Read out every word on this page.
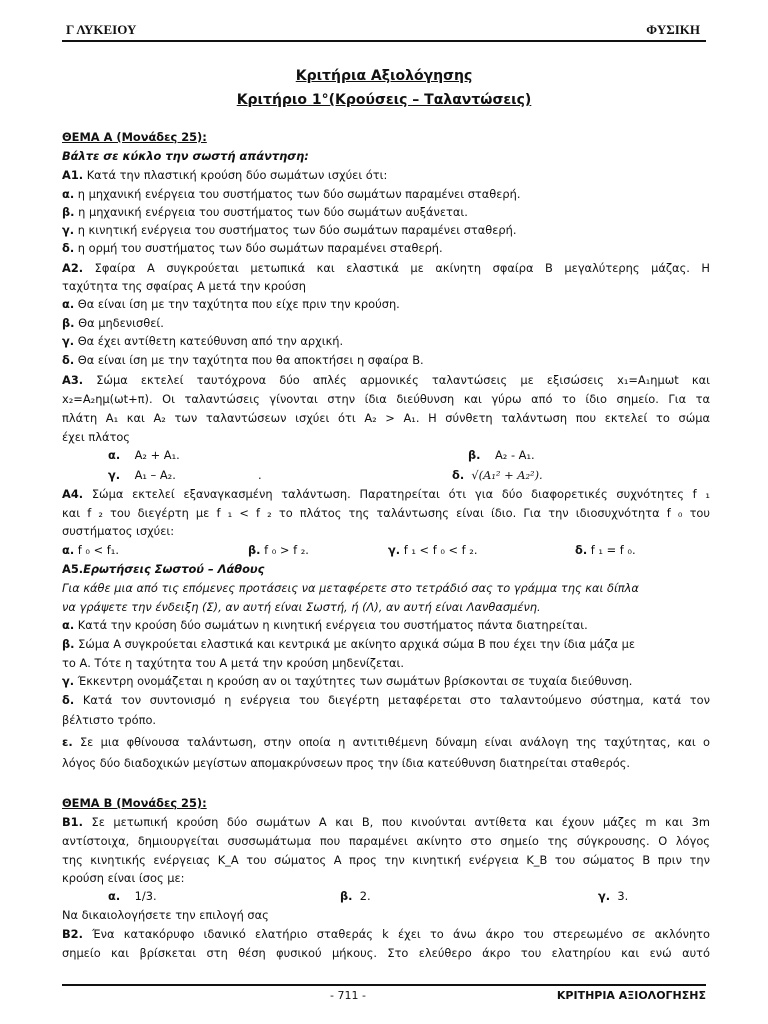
Γ ΛΥΚΕΙΟΥ	ΦΥΣΙΚΗ
Κριτήρια Αξιολόγησης
Κριτήριο 1°(Κρούσεις – Ταλαντώσεις)
ΘΕΜΑ Α (Μονάδες 25):
Βάλτε σε κύκλο την σωστή απάντηση:
Α1. Κατά την πλαστική κρούση δύο σωμάτων ισχύει ότι:
α. η μηχανική ενέργεια του συστήματος των δύο σωμάτων παραμένει σταθερή.
β. η μηχανική ενέργεια του συστήματος των δύο σωμάτων αυξάνεται.
γ. η κινητική ενέργεια του συστήματος των δύο σωμάτων παραμένει σταθερή.
δ. η ορμή του συστήματος των δύο σωμάτων παραμένει σταθερή.
Α2. Σφαίρα Α συγκρούεται μετωπικά και ελαστικά με ακίνητη σφαίρα Β μεγαλύτερης μάζας. Η
ταχύτητα της σφαίρας Α μετά την κρούση
α. Θα είναι ίση με την ταχύτητα που είχε πριν την κρούση.
β. Θα μηδενισθεί.
γ. Θα έχει αντίθετη κατεύθυνση από την αρχική.
δ. Θα είναι ίση με την ταχύτητα που θα αποκτήσει η σφαίρα Β.
Α3. Σώμα εκτελεί ταυτόχρονα δύο απλές αρμονικές ταλαντώσεις με εξισώσεις x₁=A₁ημωt και
x₂=A₂ημ(ωt+π). Οι ταλαντώσεις γίνονται στην ίδια διεύθυνση και γύρω από το ίδιο σημείο. Για τα
πλάτη A₁ και A₂ των ταλαντώσεων ισχύει ότι A₂ > A₁. Η σύνθετη ταλάντωση που εκτελεί το σώμα
έχει πλάτος
α. A₂ + A₁.	β. A₂ - A₁.
γ. A₁ – A₂.	.	δ. √(A₁² + A₂²).
Α4. Σώμα εκτελεί εξαναγκασμένη ταλάντωση. Παρατηρείται ότι για δύο διαφορετικές συχνότητες f ₁
και f ₂ του διεγέρτη με f ₁ < f ₂ το πλάτος της ταλάντωσης είναι ίδιο. Για την ιδιοσυχνότητα f ₀ του
συστήματος ισχύει:
α. f ₀ < f₁.	β. f ₀ > f ₂.	γ. f ₁ < f ₀ < f ₂.	δ. f ₁ = f ₀.
Α5.Ερωτήσεις Σωστού – Λάθους
Για κάθε μια από τις επόμενες προτάσεις να μεταφέρετε στο τετράδιό σας το γράμμα της και δίπλα
να γράψετε την ένδειξη (Σ), αν αυτή είναι Σωστή, ή (Λ), αν αυτή είναι Λανθασμένη.
α. Κατά την κρούση δύο σωμάτων η κινητική ενέργεια του συστήματος πάντα διατηρείται.
β. Σώμα Α συγκρούεται ελαστικά και κεντρικά με ακίνητο αρχικά σώμα Β που έχει την ίδια μάζα με
το Α. Τότε η ταχύτητα του Α μετά την κρούση μηδενίζεται.
γ. Έκκεντρη ονομάζεται η κρούση αν οι ταχύτητες των σωμάτων βρίσκονται σε τυχαία διεύθυνση.
δ. Κατά τον συντονισμό η ενέργεια του διεγέρτη μεταφέρεται στο ταλαντούμενο σύστημα, κατά τον
βέλτιστο τρόπο.
ε. Σε μια φθίνουσα ταλάντωση, στην οποία η αντιτιθέμενη δύναμη είναι ανάλογη της ταχύτητας, και ο
λόγος δύο διαδοχικών μεγίστων απομακρύνσεων προς την ίδια κατεύθυνση διατηρείται σταθερός.
ΘΕΜΑ Β (Μονάδες 25):
Β1. Σε μετωπική κρούση δύο σωμάτων Α και Β, που κινούνται αντίθετα και έχουν μάζες m και 3m
αντίστοιχα, δημιουργείται συσσωμάτωμα που παραμένει ακίνητο στο σημείο της σύγκρουσης. Ο λόγος
της κινητικής ενέργειας K_A του σώματος Α προς την κινητική ενέργεια K_B του σώματος Β πριν την
κρούση είναι ίσος με:
α. 1/3.	β. 2.	γ. 3.
Να δικαιολογήσετε την επιλογή σας
Β2. Ένα κατακόρυφο ιδανικό ελατήριο σταθεράς k έχει το άνω άκρο του στερεωμένο σε ακλόνητο
σημείο και βρίσκεται στη θέση φυσικού μήκους. Στο ελεύθερο άκρο του ελατηρίου και ενώ αυτό
- 711 -	ΚΡΙΤΗΡΙΑ ΑΞΙΟΛΟΓΗΣΗΣ
